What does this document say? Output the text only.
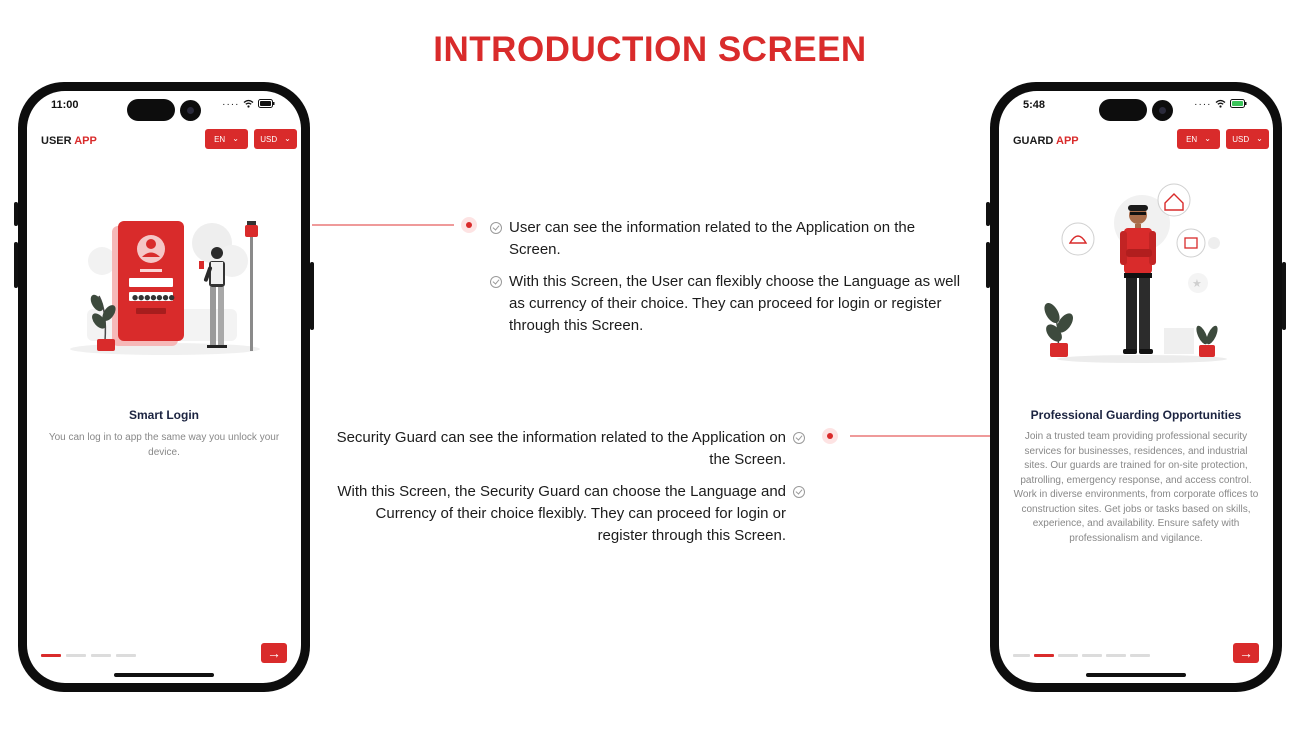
INTRODUCTION SCREEN
11:00	····
USER APP	EN ⌄	USD ⌄
●●●●●●●
Smart Login
You can log in to app the same way you unlock your device.
→
5:48	····
GUARD APP	EN ⌄	USD ⌄
★
Professional Guarding Opportunities
Join a trusted team providing professional security services for businesses, residences, and industrial sites. Our guards are trained for on-site protection, patrolling, emergency response, and access control. Work in diverse environments, from corporate offices to construction sites. Get jobs or tasks based on skills, experience, and availability. Ensure safety with professionalism and vigilance.
→
User can see the information related to the Application on the Screen.
With this Screen, the User can flexibly choose the Language as well as currency of their choice. They can proceed for login or register through this Screen.
Security Guard can see the information related to the Application on the Screen.
With this Screen, the Security Guard can choose the Language and Currency of their choice flexibly. They can proceed for login or register through this Screen.
